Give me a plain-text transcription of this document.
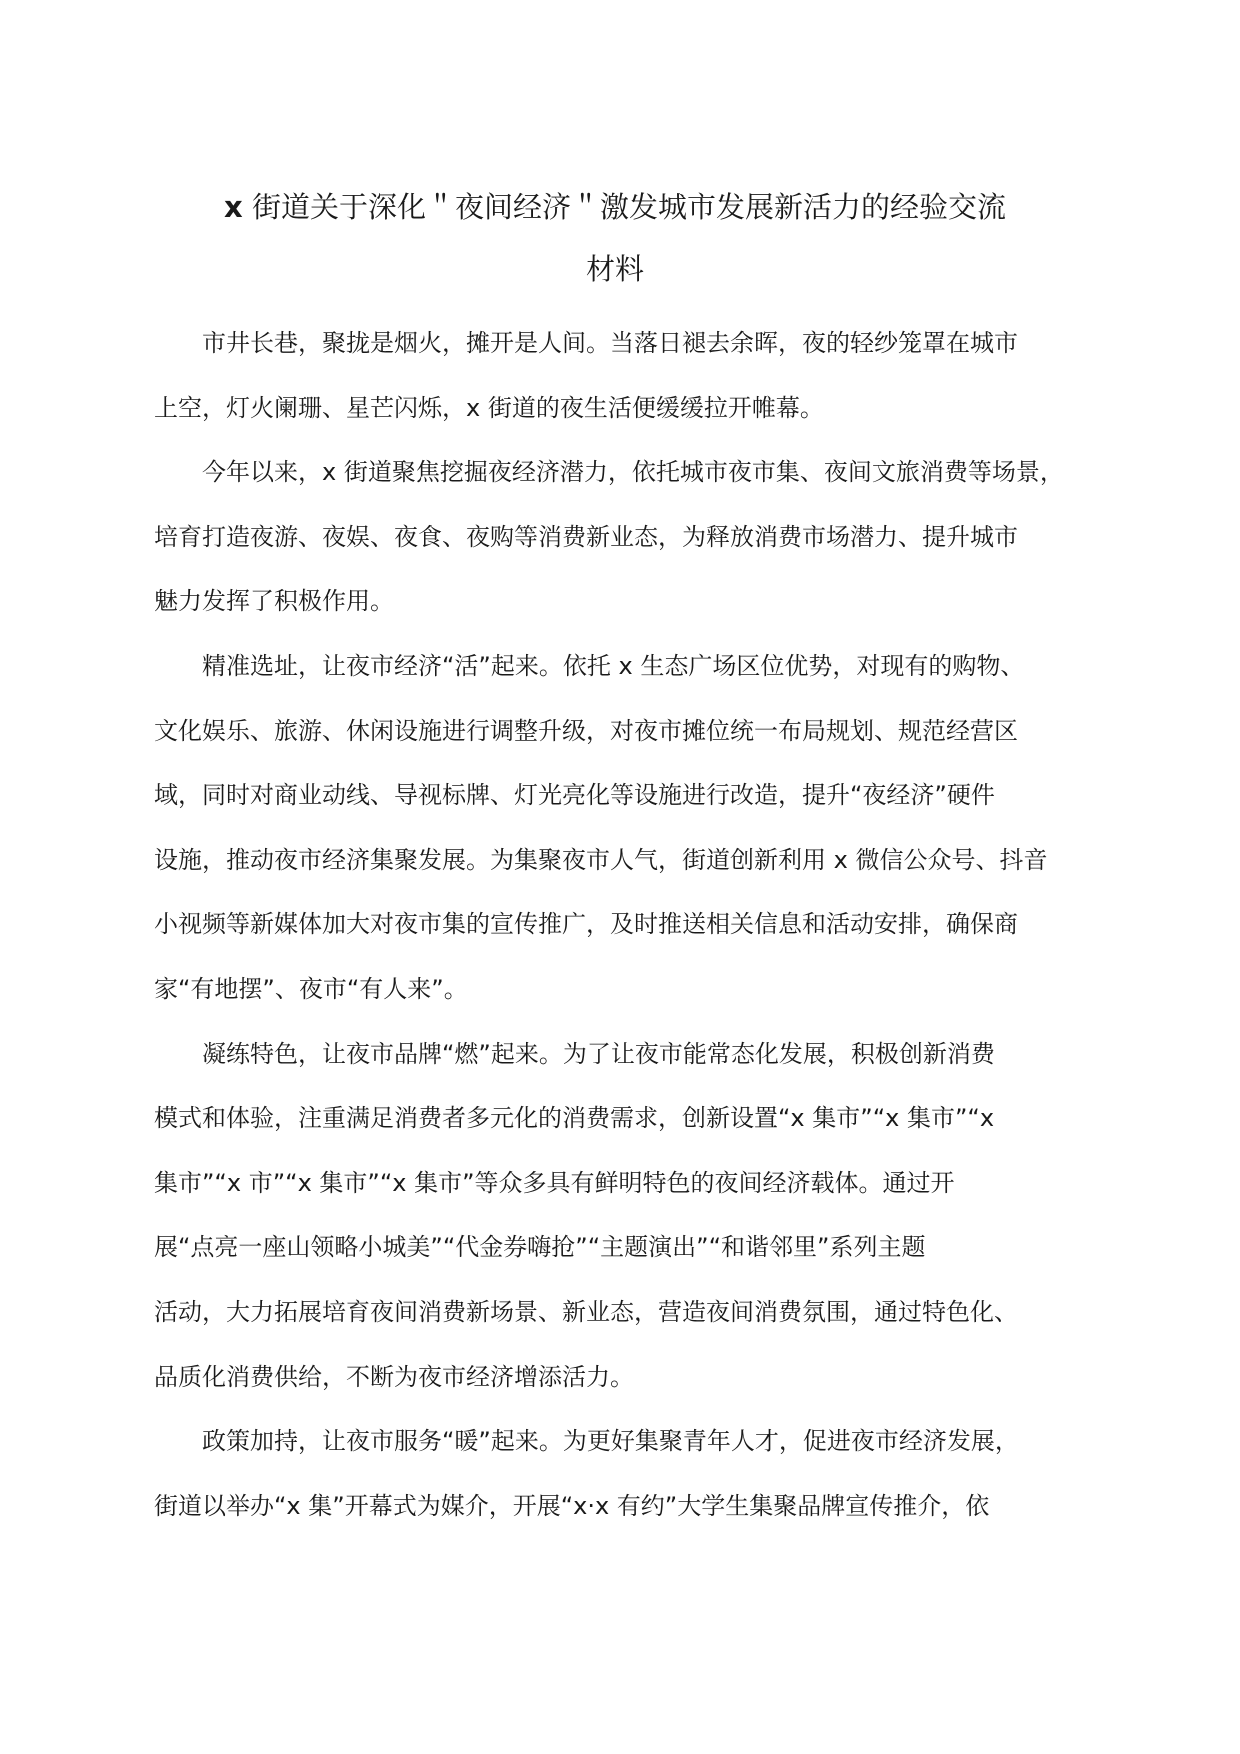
x 街道关于深化＂夜间经济＂激发城市发展新活力的经验交流
材料
市井长巷，聚拢是烟火，摊开是人间。当落日褪去余晖，夜的轻纱笼罩在城市
上空，灯火阑珊、星芒闪烁，x 街道的夜生活便缓缓拉开帷幕。
今年以来，x 街道聚焦挖掘夜经济潜力，依托城市夜市集、夜间文旅消费等场景，
培育打造夜游、夜娱、夜食、夜购等消费新业态，为释放消费市场潜力、提升城市
魅力发挥了积极作用。
精准选址，让夜市经济“活”起来。依托 x 生态广场区位优势，对现有的购物、
文化娱乐、旅游、休闲设施进行调整升级，对夜市摊位统一布局规划、规范经营区
域，同时对商业动线、导视标牌、灯光亮化等设施进行改造，提升“夜经济”硬件
设施，推动夜市经济集聚发展。为集聚夜市人气，街道创新利用 x 微信公众号、抖音
小视频等新媒体加大对夜市集的宣传推广，及时推送相关信息和活动安排，确保商
家“有地摆”、夜市“有人来”。
凝练特色，让夜市品牌“燃”起来。为了让夜市能常态化发展，积极创新消费
模式和体验，注重满足消费者多元化的消费需求，创新设置“x 集市”“x 集市”“x
集市”“x 市”“x 集市”“x 集市”等众多具有鲜明特色的夜间经济载体。通过开
展“点亮一座山领略小城美”“代金券嗨抢”“主题演出”“和谐邻里”系列主题
活动，大力拓展培育夜间消费新场景、新业态，营造夜间消费氛围，通过特色化、
品质化消费供给，不断为夜市经济增添活力。
政策加持，让夜市服务“暖”起来。为更好集聚青年人才，促进夜市经济发展，
街道以举办“x 集”开幕式为媒介，开展“x·x 有约”大学生集聚品牌宣传推介，依
